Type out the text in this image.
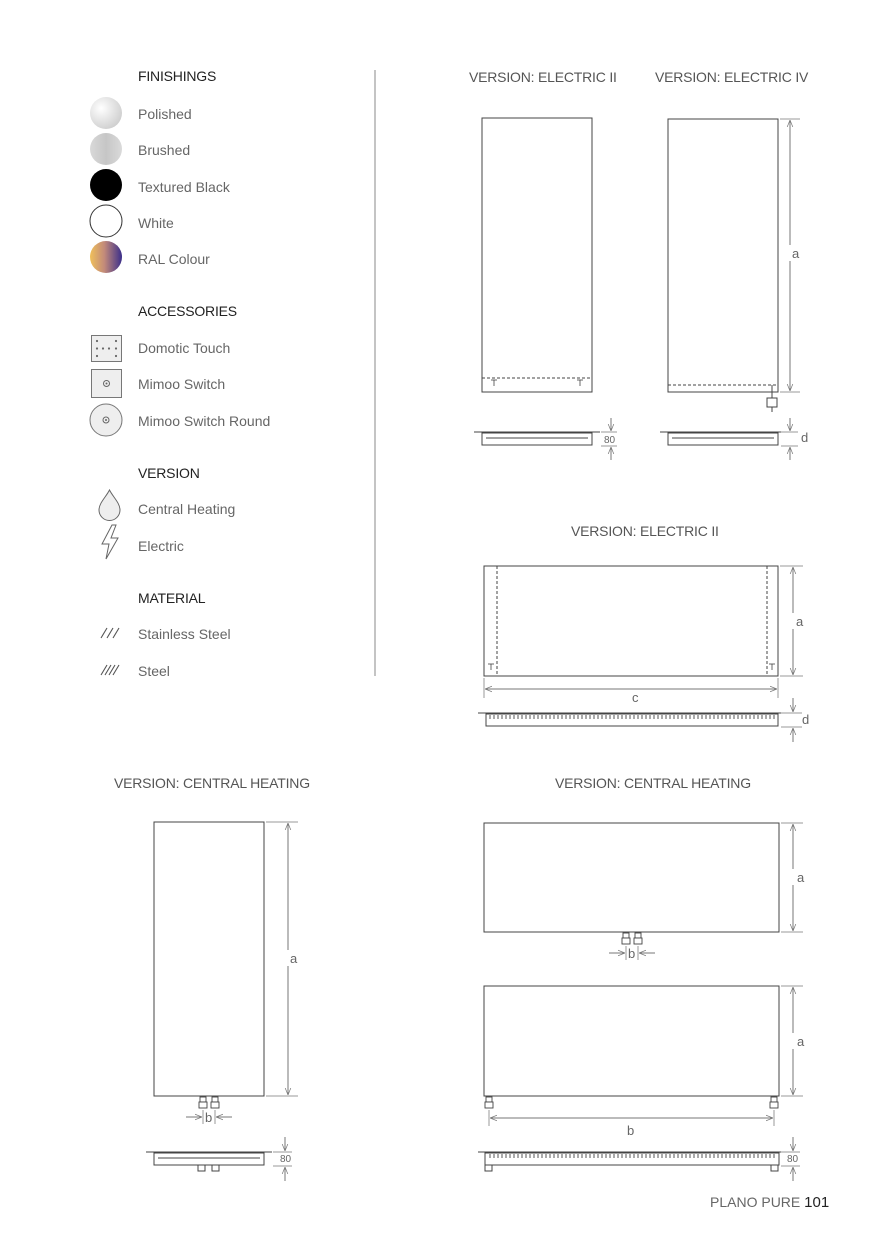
FINISHINGS
Polished
Brushed
Textured Black
White
RAL Colour
ACCESSORIES
Domotic Touch
Mimoo Switch
Mimoo Switch Round
VERSION
Central Heating
Electric
MATERIAL
Stainless Steel
Steel
VERSION: ELECTRIC II	VERSION: ELECTRIC IV
VERSION: ELECTRIC II
VERSION: CENTRAL HEATING	VERSION: CENTRAL HEATING
80
a
d
a
c
d
a
b
80
a
b
a
b
80
PLANO PURE 101
